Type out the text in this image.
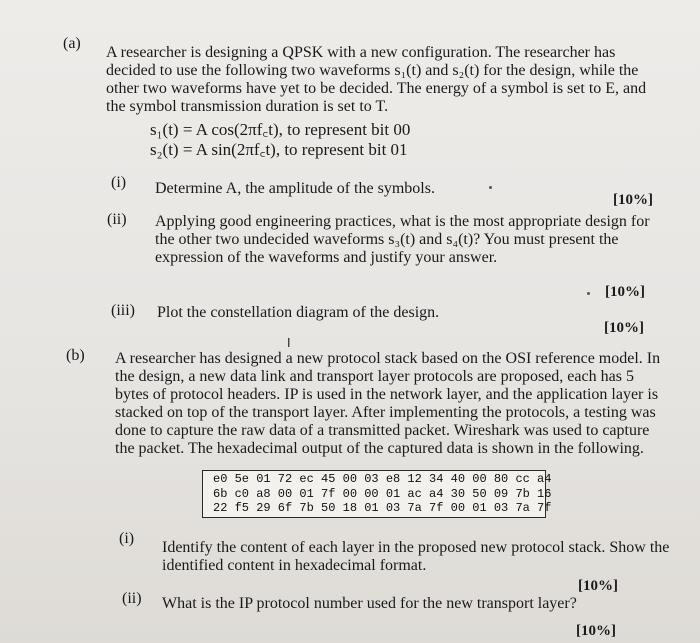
(a)
A researcher is designing a QPSK with a new configuration. The researcher has
decided to use the following two waveforms s₁(t) and s₂(t) for the design, while the
other two waveforms have yet to be decided. The energy of a symbol is set to E, and
the symbol transmission duration is set to T.
s₁(t) = A cos(2πf꜀t), to represent bit 00
s₂(t) = A sin(2πf꜀t), to represent bit 01
(i) Determine A, the amplitude of the symbols.
[10%]
(ii) Applying good engineering practices, what is the most appropriate design for
the other two undecided waveforms s₃(t) and s₄(t)? You must present the
expression of the waveforms and justify your answer.
[10%]
(iii) Plot the constellation diagram of the design.
[10%]
(b)
I
A researcher has designed a new protocol stack based on the OSI reference model. In
the design, a new data link and transport layer protocols are proposed, each has 5
bytes of protocol headers. IP is used in the network layer, and the application layer is
stacked on top of the transport layer. After implementing the protocols, a testing was
done to capture the raw data of a transmitted packet. Wireshark was used to capture
the packet. The hexadecimal output of the captured data is shown in the following.
e0 5e 01 72 ec 45 00 03 e8 12 34 40 00 80 cc a4
6b c0 a8 00 01 7f 00 00 01 ac a4 30 50 09 7b 16
22 f5 29 6f 7b 50 18 01 03 7a 7f 00 01 03 7a 7f
(i)
Identify the content of each layer in the proposed new protocol stack. Show the
identified content in hexadecimal format.
[10%]
(ii) What is the IP protocol number used for the new transport layer?
[10%]
